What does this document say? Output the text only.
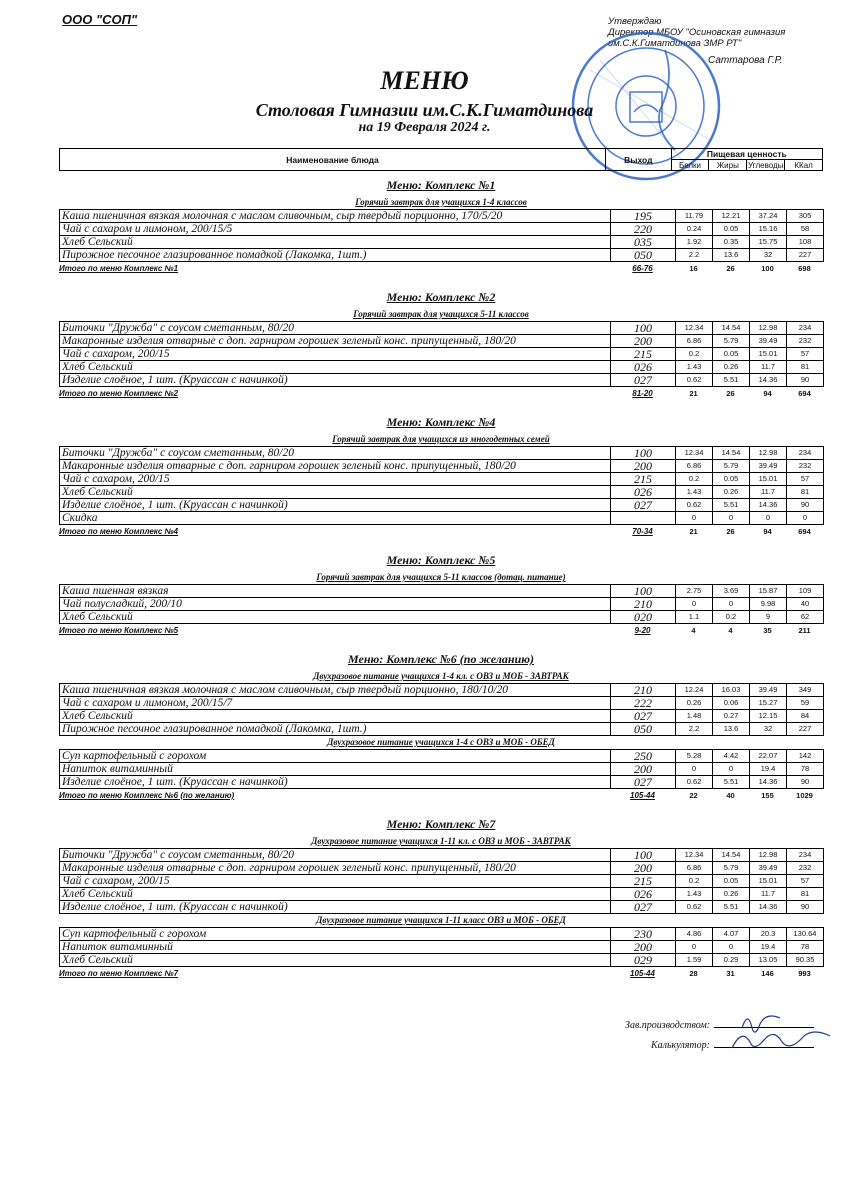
ООО "СОП"	Утверждаю
Директор МБОУ "Осиновская гимназия
им.С.К.Гиматдинова ЗМР РТ"
Саттарова Г.Р.
МЕНЮ
Столовая Гимназии им.С.К.Гиматдинова
на 19 Февраля 2024 г.
Наименование блюда	Выход	Пищевая ценность			
		Белки	Жиры	Углеводы	ККал
Меню: Комплекс №1
Горячий завтрак для учащихся 1-4 классов
Каша пшеничная вязкая молочная с маслом сливочным, сыр твердый порционно, 170/5/20	195	11.79	12.21	37.24	305
Чай с сахаром и лимоном, 200/15/5	220	0.24	0.05	15.16	58
Хлеб Сельский	035	1.92	0.35	15.75	108
Пирожное песочное глазированное помадкой (Лакомка, 1шт.)	050	2.2	13.6	32	227
Итого по меню Комплекс №1	66-76	16	26	100	698
Меню: Комплекс №2
Горячий завтрак для учащихся 5-11 классов
Биточки "Дружба" с соусом сметанным, 80/20	100	12.34	14.54	12.98	234
Макаронные изделия отварные с доп. гарниром горошек зеленый конс. припущенный, 180/20	200	6.86	5.79	39.49	232
Чай с сахаром, 200/15	215	0.2	0.05	15.01	57
Хлеб Сельский	026	1.43	0.26	11.7	81
Изделие слоёное, 1 шт. (Круассан с начинкой)	027	0.62	5.51	14.36	90
Итого по меню Комплекс №2	81-20	21	26	94	694
Меню: Комплекс №4
Горячий завтрак для учащихся из многодетных семей
Биточки "Дружба" с соусом сметанным, 80/20	100	12.34	14.54	12.98	234
Макаронные изделия отварные с доп. гарниром горошек зеленый конс. припущенный, 180/20	200	6.86	5.79	39.49	232
Чай с сахаром, 200/15	215	0.2	0.05	15.01	57
Хлеб Сельский	026	1.43	0.26	11.7	81
Изделие слоёное, 1 шт. (Круассан с начинкой)	027	0.62	5.51	14.36	90
Скидка		0	0	0	0
Итого по меню Комплекс №4	70-34	21	26	94	694
Меню: Комплекс №5
Горячий завтрак для учащихся 5-11 классов (дотац. питание)
Каша пшенная вязкая	100	2.75	3.69	15.87	109
Чай полусладкий, 200/10	210	0	0	9.98	40
Хлеб Сельский	020	1.1	0.2	9	62
Итого по меню Комплекс №5	9-20	4	4	35	211
Меню: Комплекс №6 (по желанию)
Двухразовое питание учащихся 1-4 кл. с ОВЗ и МОБ - ЗАВТРАК
Каша пшеничная вязкая молочная с маслом сливочным, сыр твердый порционно, 180/10/20	210	12.24	16.03	39.49	349
Чай с сахаром и лимоном, 200/15/7	222	0.26	0.06	15.27	59
Хлеб Сельский	027	1.48	0.27	12.15	84
Пирожное песочное глазированное помадкой (Лакомка, 1шт.)	050	2.2	13.6	32	227
Двухразовое питание учащихся 1-4 с ОВЗ и МОБ - ОБЕД
Суп картофельный с горохом	250	5.28	4.42	22.07	142
Напиток витаминный	200	0	0	19.4	78
Изделие слоёное, 1 шт. (Круассан с начинкой)	027	0.62	5.51	14.36	90
Итого по меню Комплекс №6 (по желанию)	105-44	22	40	155	1029
Меню: Комплекс №7
Двухразовое питание учащихся 1-11 кл. с ОВЗ и МОБ - ЗАВТРАК
Биточки "Дружба" с соусом сметанным, 80/20	100	12.34	14.54	12.98	234
Макаронные изделия отварные с доп. гарниром горошек зеленый конс. припущенный, 180/20	200	6.86	5.79	39.49	232
Чай с сахаром, 200/15	215	0.2	0.05	15.01	57
Хлеб Сельский	026	1.43	0.26	11.7	81
Изделие слоёное, 1 шт. (Круассан с начинкой)	027	0.62	5.51	14.36	90
Двухразовое питание учащихся 1-11 класс ОВЗ и МОБ - ОБЕД
Суп картофельный с горохом	230	4.86	4.07	20.3	130.64
Напиток витаминный	200	0	0	19.4	78
Хлеб Сельский	029	1.59	0.29	13.05	90.35
Итого по меню Комплекс №7	105-44	28	31	146	993
Зав.производством:
Калькулятор:
